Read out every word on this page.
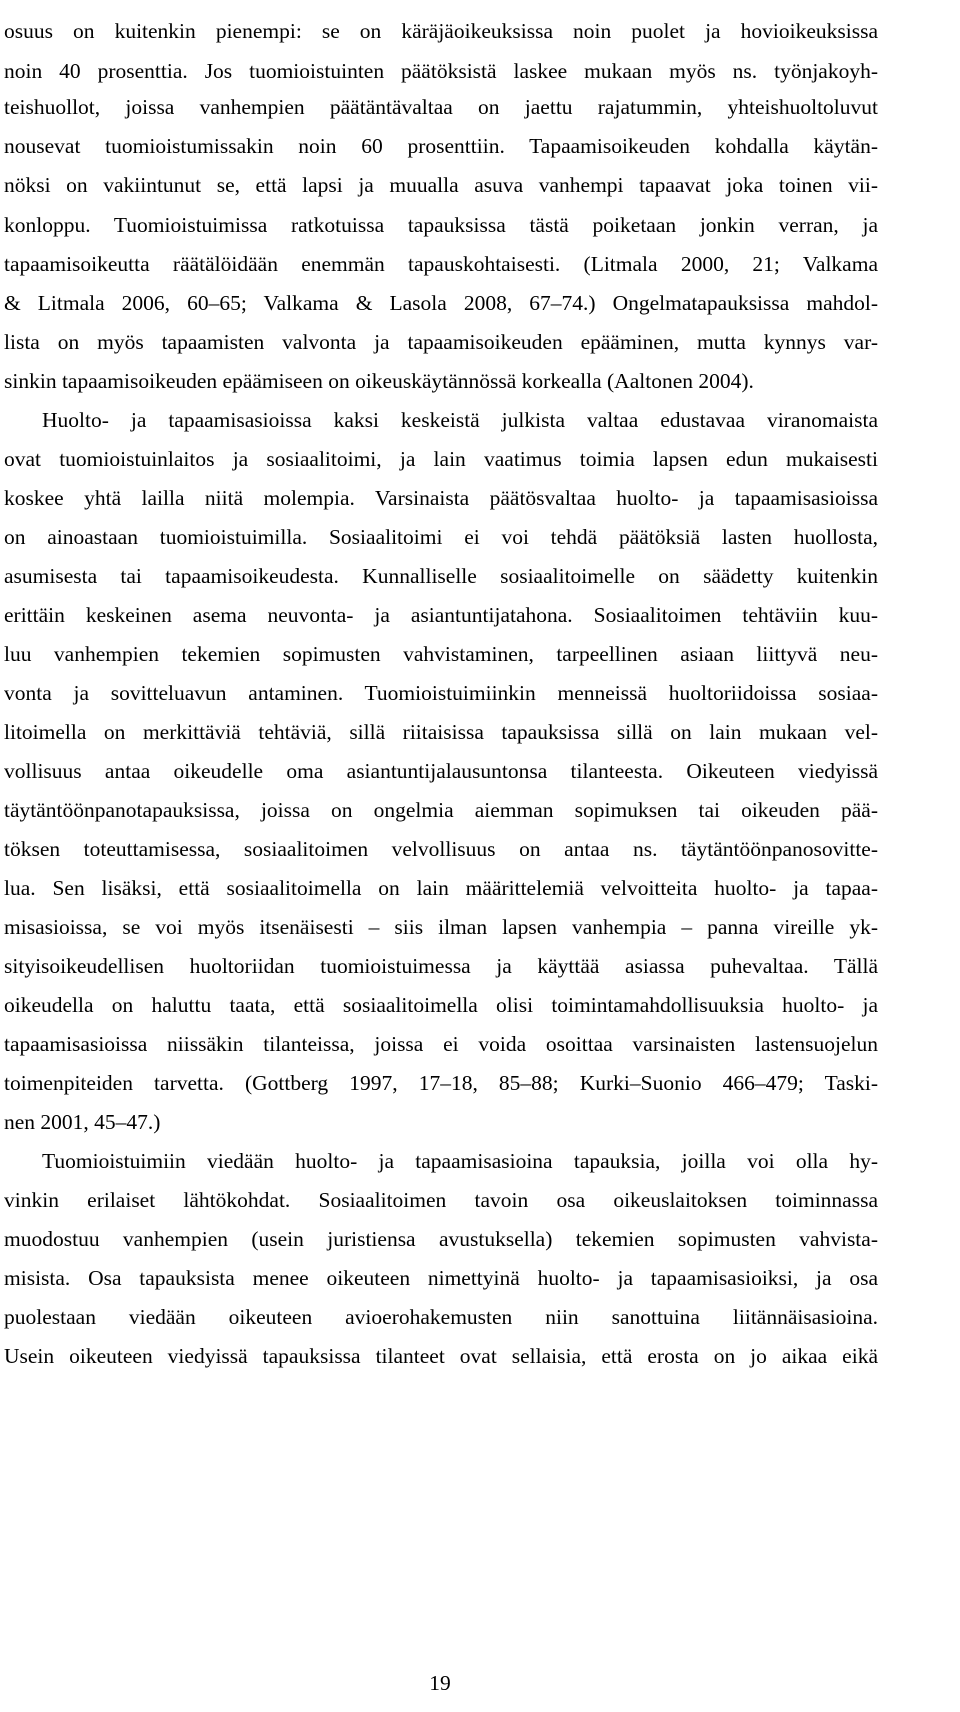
osuus on kuitenkin pienempi: se on käräjäoikeuksissa noin puolet ja hovioikeuksissa
noin 40 prosenttia. Jos tuomioistuinten päätöksistä laskee mukaan myös ns. työnjakoyh-
teishuollot, joissa vanhempien päätäntävaltaa on jaettu rajatummin, yhteishuoltoluvut
nousevat tuomioistumissakin noin 60 prosenttiin. Tapaamisoikeuden kohdalla käytän-
nöksi on vakiintunut se, että lapsi ja muualla asuva vanhempi tapaavat joka toinen vii-
konloppu. Tuomioistuimissa ratkotuissa tapauksissa tästä poiketaan jonkin verran, ja
tapaamisoikeutta räätälöidään enemmän tapauskohtaisesti. (Litmala 2000, 21; Valkama
& Litmala 2006, 60–65; Valkama & Lasola 2008, 67–74.) Ongelmatapauksissa mahdol-
lista on myös tapaamisten valvonta ja tapaamisoikeuden epääminen, mutta kynnys var-
sinkin tapaamisoikeuden epäämiseen on oikeuskäytännössä korkealla (Aaltonen 2004).
Huolto- ja tapaamisasioissa kaksi keskeistä julkista valtaa edustavaa viranomaista
ovat tuomioistuinlaitos ja sosiaalitoimi, ja lain vaatimus toimia lapsen edun mukaisesti
koskee yhtä lailla niitä molempia. Varsinaista päätösvaltaa huolto- ja tapaamisasioissa
on ainoastaan tuomioistuimilla. Sosiaalitoimi ei voi tehdä päätöksiä lasten huollosta,
asumisesta tai tapaamisoikeudesta. Kunnalliselle sosiaalitoimelle on säädetty kuitenkin
erittäin keskeinen asema neuvonta- ja asiantuntijatahona. Sosiaalitoimen tehtäviin kuu-
luu vanhempien tekemien sopimusten vahvistaminen, tarpeellinen asiaan liittyvä neu-
vonta ja sovitteluavun antaminen. Tuomioistuimiinkin menneissä huoltoriidoissa sosiaa-
litoimella on merkittäviä tehtäviä, sillä riitaisissa tapauksissa sillä on lain mukaan vel-
vollisuus antaa oikeudelle oma asiantuntijalausuntonsa tilanteesta. Oikeuteen viedyissä
täytäntöönpanotapauksissa, joissa on ongelmia aiemman sopimuksen tai oikeuden pää-
töksen toteuttamisessa, sosiaalitoimen velvollisuus on antaa ns. täytäntöönpanosovitte-
lua. Sen lisäksi, että sosiaalitoimella on lain määrittelemiä velvoitteita huolto- ja tapaa-
misasioissa, se voi myös itsenäisesti – siis ilman lapsen vanhempia – panna vireille yk-
sityisoikeudellisen huoltoriidan tuomioistuimessa ja käyttää asiassa puhevaltaa. Tällä
oikeudella on haluttu taata, että sosiaalitoimella olisi toimintamahdollisuuksia huolto- ja
tapaamisasioissa niissäkin tilanteissa, joissa ei voida osoittaa varsinaisten lastensuojelun
toimenpiteiden tarvetta. (Gottberg 1997, 17–18, 85–88; Kurki–Suonio 466–479; Taski-
nen 2001, 45–47.)
Tuomioistuimiin viedään huolto- ja tapaamisasioina tapauksia, joilla voi olla hy-
vinkin erilaiset lähtökohdat. Sosiaalitoimen tavoin osa oikeuslaitoksen toiminnassa
muodostuu vanhempien (usein juristiensa avustuksella) tekemien sopimusten vahvista-
misista. Osa tapauksista menee oikeuteen nimettyinä huolto- ja tapaamisasioiksi, ja osa
puolestaan viedään oikeuteen avioerohakemusten niin sanottuina liitännäisasioina.
Usein oikeuteen viedyissä tapauksissa tilanteet ovat sellaisia, että erosta on jo aikaa eikä
19
